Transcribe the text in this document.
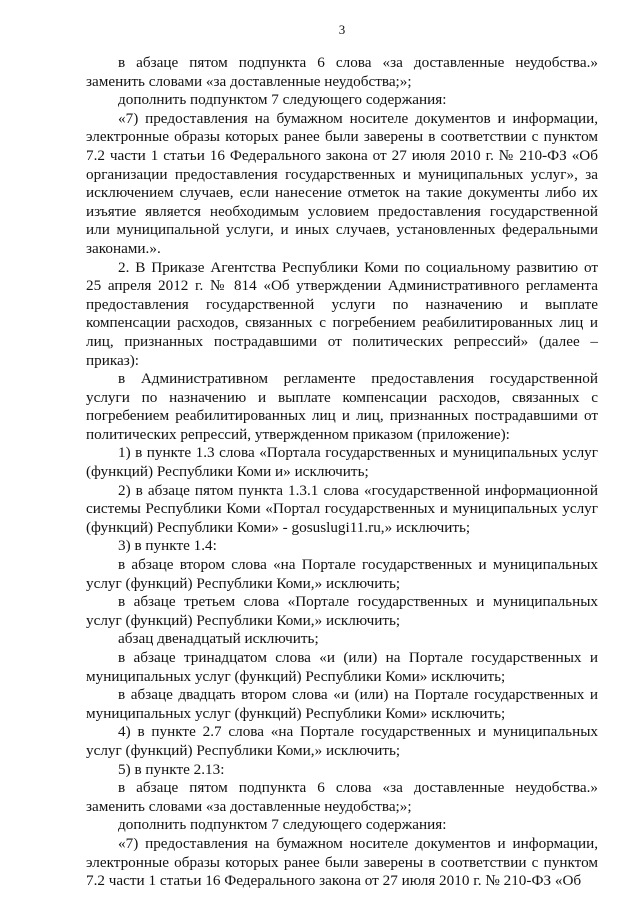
3

в абзаце пятом подпункта 6 слова «за доставленные неудобства.» заменить словами «за доставленные неудобства;»;

дополнить подпунктом 7 следующего содержания:

«7) предоставления на бумажном носителе документов и информации, электронные образы которых ранее были заверены в соответствии с пунктом 7.2 части 1 статьи 16 Федерального закона от 27 июля 2010 г. № 210-ФЗ «Об организации предоставления государственных и муниципальных услуг», за исключением случаев, если нанесение отметок на такие документы либо их изъятие является необходимым условием предоставления государственной или муниципальной услуги, и иных случаев, установленных федеральными законами.».

2. В Приказе Агентства Республики Коми по социальному развитию от 25 апреля 2012 г. № 814 «Об утверждении Административного регламента предоставления государственной услуги по назначению и выплате компенсации расходов, связанных с погребением реабилитированных лиц и лиц, признанных пострадавшими от политических репрессий» (далее – приказ):

в Административном регламенте предоставления государственной услуги по назначению и выплате компенсации расходов, связанных с погребением реабилитированных лиц и лиц, признанных пострадавшими от политических репрессий, утвержденном приказом (приложение):

1) в пункте 1.3 слова «Портала государственных и муниципальных услуг (функций) Республики Коми и» исключить;

2) в абзаце пятом пункта 1.3.1 слова «государственной информационной системы Республики Коми «Портал государственных и муниципальных услуг (функций) Республики Коми» - gosuslugi11.ru,» исключить;

3) в пункте 1.4:

в абзаце втором слова «на Портале государственных и муниципальных услуг (функций) Республики Коми,» исключить;

в абзаце третьем слова «Портале государственных и муниципальных услуг (функций) Республики Коми,» исключить;

абзац двенадцатый исключить;

в абзаце тринадцатом слова «и (или) на Портале государственных и муниципальных услуг (функций) Республики Коми» исключить;

в абзаце двадцать втором слова «и (или) на Портале государственных и муниципальных услуг (функций) Республики Коми» исключить;

4) в пункте 2.7 слова «на Портале государственных и муниципальных услуг (функций) Республики Коми,» исключить;

5) в пункте 2.13:

в абзаце пятом подпункта 6 слова «за доставленные неудобства.» заменить словами «за доставленные неудобства;»;

дополнить подпунктом 7 следующего содержания:

«7) предоставления на бумажном носителе документов и информации, электронные образы которых ранее были заверены в соответствии с пунктом 7.2 части 1 статьи 16 Федерального закона от 27 июля 2010 г. № 210-ФЗ «Об
